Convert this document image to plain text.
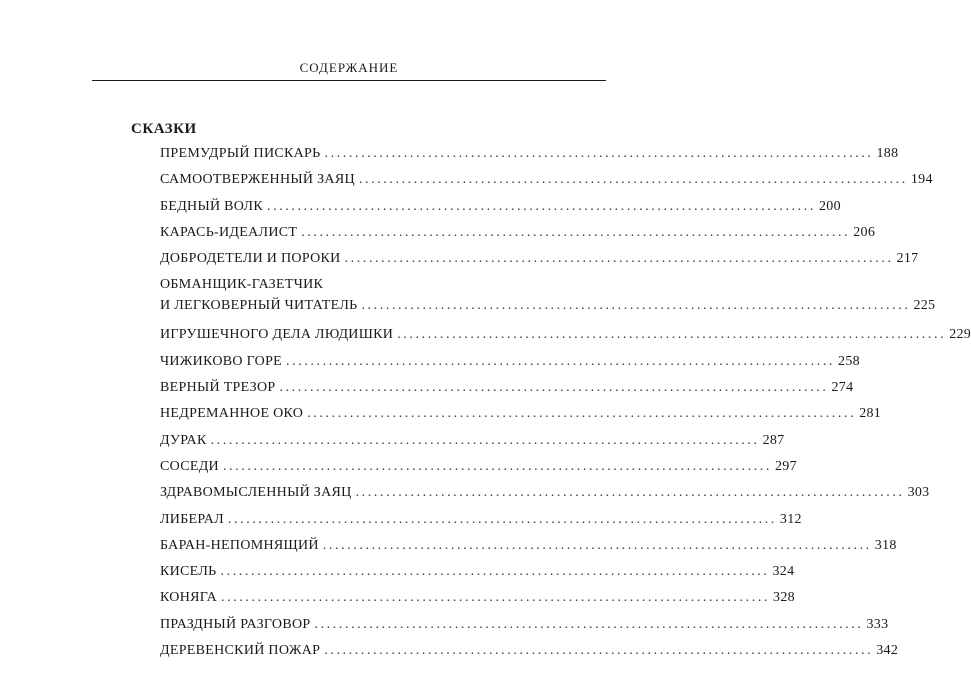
СОДЕРЖАНИЕ
СКАЗКИ
ПРЕМУДРЫЙ ПИСКАРЬ .......................................................................................... 188
САМООТВЕРЖЕННЫЙ ЗАЯЦ .......................................................................................... 194
БЕДНЫЙ ВОЛК .......................................................................................... 200
КАРАСЬ-ИДЕАЛИСТ .......................................................................................... 206
ДОБРОДЕТЕЛИ И ПОРОКИ .......................................................................................... 217
ОБМАНЩИК-ГАЗЕТЧИК
И ЛЕГКОВЕРНЫЙ ЧИТАТЕЛЬ .......................................................................................... 225
ИГРУШЕЧНОГО ДЕЛА ЛЮДИШКИ .......................................................................................... 229
ЧИЖИКОВО ГОРЕ .......................................................................................... 258
ВЕРНЫЙ ТРЕЗОР .......................................................................................... 274
НЕДРЕМАННОЕ ОКО .......................................................................................... 281
ДУРАК .......................................................................................... 287
СОСЕДИ .......................................................................................... 297
ЗДРАВОМЫСЛЕННЫЙ ЗАЯЦ .......................................................................................... 303
ЛИБЕРАЛ .......................................................................................... 312
БАРАН-НЕПОМНЯЩИЙ .......................................................................................... 318
КИСЕЛЬ .......................................................................................... 324
КОНЯГА .......................................................................................... 328
ПРАЗДНЫЙ РАЗГОВОР .......................................................................................... 333
ДЕРЕВЕНСКИЙ ПОЖАР .......................................................................................... 342
